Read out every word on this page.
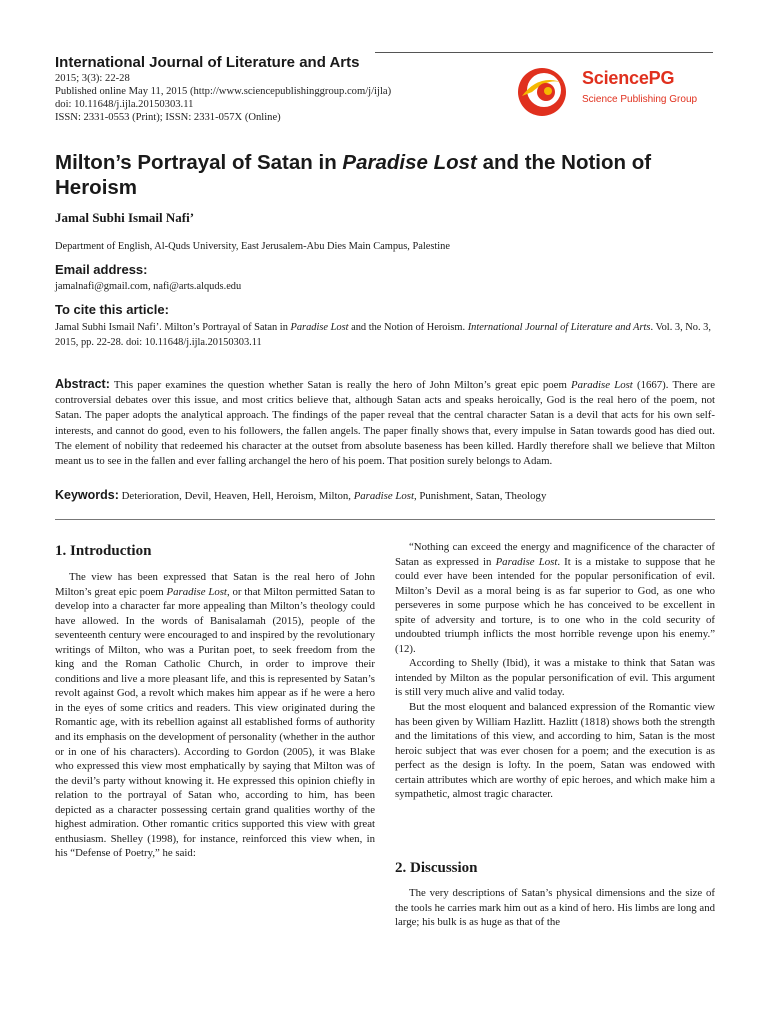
International Journal of Literature and Arts
2015; 3(3): 22-28
Published online May 11, 2015 (http://www.sciencepublishinggroup.com/j/ijla)
doi: 10.11648/j.ijla.20150303.11
ISSN: 2331-0553 (Print); ISSN: 2331-057X (Online)
SciencePG
Science Publishing Group
Milton’s Portrayal of Satan in Paradise Lost and the Notion of Heroism
Jamal Subhi Ismail Nafi’
Department of English, Al-Quds University, East Jerusalem-Abu Dies Main Campus, Palestine
Email address:
jamalnafi@gmail.com, nafi@arts.alquds.edu
To cite this article:
Jamal Subhi Ismail Nafi’. Milton’s Portrayal of Satan in Paradise Lost and the Notion of Heroism. International Journal of Literature and Arts. Vol. 3, No. 3, 2015, pp. 22-28. doi: 10.11648/j.ijla.20150303.11
Abstract: This paper examines the question whether Satan is really the hero of John Milton’s great epic poem Paradise Lost (1667). There are controversial debates over this issue, and most critics believe that, although Satan acts and speaks heroically, God is the real hero of the poem, not Satan. The paper adopts the analytical approach. The findings of the paper reveal that the central character Satan is a devil that acts for his own self-interests, and cannot do good, even to his followers, the fallen angels. The paper finally shows that, every impulse in Satan towards good has died out. The element of nobility that redeemed his character at the outset from absolute baseness has been killed. Hardly therefore shall we believe that Milton meant us to see in the fallen and ever falling archangel the hero of his poem. That position surely belongs to Adam.
Keywords: Deterioration, Devil, Heaven, Hell, Heroism, Milton, Paradise Lost, Punishment, Satan, Theology
1. Introduction

The view has been expressed that Satan is the real hero of John Milton’s great epic poem Paradise Lost, or that Milton permitted Satan to develop into a character far more appealing than Milton’s theology could have allowed. In the words of Banisalamah (2015), people of the seventeenth century were encouraged to and inspired by the revolutionary writings of Milton, who was a Puritan poet, to seek freedom from the king and the Roman Catholic Church, in order to improve their conditions and live a more pleasant life, and this is represented by Satan’s revolt against God, a revolt which makes him appear as if he were a hero in the eyes of some critics and readers. This view originated during the Romantic age, with its rebellion against all established forms of authority and its emphasis on the development of personality (whether in the author or in one of his characters). According to Gordon (2005), it was Blake who expressed this view most emphatically by saying that Milton was of the devil’s party without knowing it. He expressed this opinion chiefly in relation to the portrayal of Satan who, according to him, has been depicted as a character possessing certain grand qualities worthy of the highest admiration. Other romantic critics supported this view with great enthusiasm. Shelley (1998), for instance, reinforced this view when, in his “Defense of Poetry,” he said:

“Nothing can exceed the energy and magnificence of the character of Satan as expressed in Paradise Lost. It is a mistake to suppose that he could ever have been intended for the popular personification of evil. Milton’s Devil as a moral being is as far superior to God, as one who perseveres in some purpose which he has conceived to be excellent in spite of adversity and torture, is to one who in the cold security of undoubted triumph inflicts the most horrible revenge upon his enemy.” (12).

According to Shelly (Ibid), it was a mistake to think that Satan was intended by Milton as the popular personification of evil. This argument is still very much alive and valid today.

But the most eloquent and balanced expression of the Romantic view has been given by William Hazlitt. Hazlitt (1818) shows both the strength and the limitations of this view, and according to him, Satan is the most heroic subject that was ever chosen for a poem; and the execution is as perfect as the design is lofty. In the poem, Satan was endowed with certain attributes which are worthy of epic heroes, and which make him a sympathetic, almost tragic character.

2. Discussion

The very descriptions of Satan’s physical dimensions and the size of the tools he carries mark him out as a kind of hero. His limbs are long and large; his bulk is as huge as that of the
